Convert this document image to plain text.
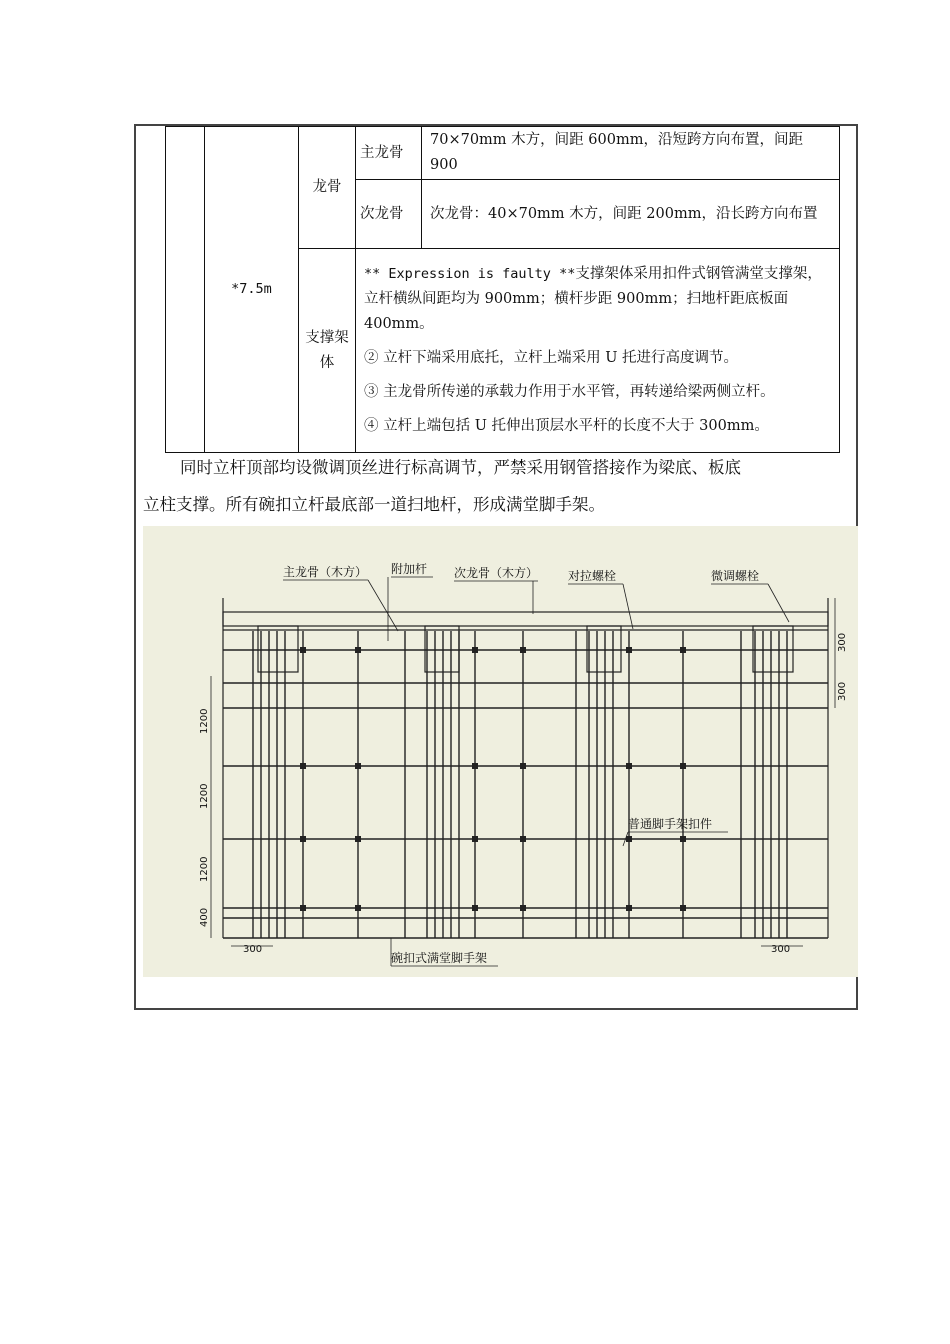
	*7.5m	龙骨	主龙骨	70×70mm 木方，间距 600mm，沿短跨方向布置，间距 900
			次龙骨	次龙骨：40×70mm 木方，间距 200mm，沿长跨方向布置
		支撑架体	** Expression is faulty **支撑架体采用扣件式钢管满堂支撑架，立杆横纵间距均为 900mm；横杆步距 900mm；扫地杆距底板面 400mm。

② 立杆下端采用底托，立杆上端采用 U 托进行高度调节。

③ 主龙骨所传递的承载力作用于水平管，再转递给梁两侧立杆。

④ 立杆上端包括 U 托伸出顶层水平杆的长度不大于 300mm。	

同时立杆顶部均设微调顶丝进行标高调节，严禁采用钢管搭接作为梁底、板底
立柱支撑。所有碗扣立杆最底部一道扫地杆，形成满堂脚手架。
主龙骨（木方） 附加杆 次龙骨（木方） 对拉螺栓	微调螺栓
普通脚手架扣件
碗扣式满堂脚手架
300
300
1200
1200
1200
400
300	300
